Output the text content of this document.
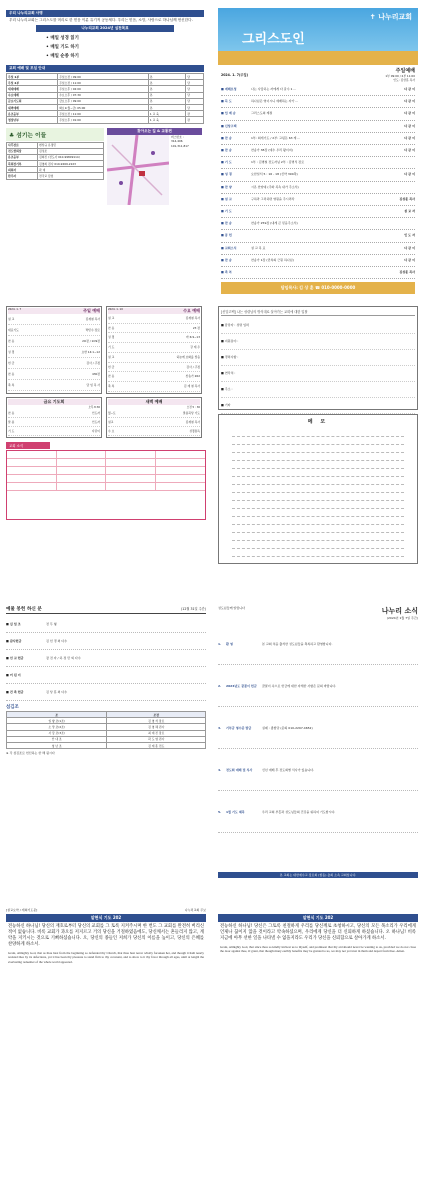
우리 나누리교회 사명
우리 나누리교회는 그리스도를 머리로 한 믿음 이룬 유기적 공동체다. 우리는 믿음, 소망, 사랑으로 하나님께 헌신한다.
나누리교회 2024년 실천목표
• 매일 성경 읽기
• 매일 기도 하기
• 매일 순종 하기
교회 예배 및 모임 안내
주일 1부	주일오전 / 09:00	본	당
주일 2부	주일오전 / 11:00	본	당
대대예배	주일오후 / 02:00	본	당
수요예배	수요오후 / 07:30	본	당
금요기도회	금요오후 / 09:00	본	당
새벽예배	화요1(월~금) 05:00	본	당
유초등부	주일오전 / 11:00	1 교 육	관
청장년부	주일오후 / 01:00	1 교 육	관
♣ 섬기는 이들
사무장로	변상규 유정민
전도협회장	김성조
유초등부	김희진 (전도사 010-99809114)
목회장기부	김영희 권사 010-9269-2223
외회자	곽 대
한주자	전국교 담임
찾아오는 길 & 교통편
버스번호 :
314,406
101,311,817
✝ 나누리교회
그리스도인
2024. 1. 7(주일)
주일예배
1부 09:00 / 2부 11:00
인도: 김상훈 목사
■ 예배로청	나는 사랑하는 자에게 다 갈수 1 ...	다 같 이
■ 묵 도	하나님은 영이시니 예배하는 자가 ...	다 같 이
■ 입 례 송	그리스도의 계절	다 같 이
■ 신앙고백	다 같 이
■ 찬 송	1부: 회개기도 / 2부: 고린돈 63 계 ...	다 같 이
■ 찬 송	찬송가 38장 (예수 우리 왕이여)	다 같 이
■ 기 도	1부 : 김병철 전도자님 2부 : 김병식 장로
■ 성 경	요한일서 5 : 16 - 18 (신약 390쪽)	다 같 이
■ 찬 양	시온 찬양대 (주와 족속 내가 주소서)
■ 설 교	구하라 그리하면 영원을 주시리라	김상훈 목사
■ 기 도	설 교 자
■ 찬 송	찬송가 259장 (내게 큰 믿음주소서)
■ 봉 헌	인 도 자
■ 교회소식	설 교 목 표	다 같 이
■ 찬 송	찬송가 1장 (만복의 근원 하나님)	다 같 이
■ 축 복	김상훈 목사
담임목사: 김 상 훈 ☎ 010-0000-0000
2024. 1. 7	주일 예배
설 교	김재철 목사
대표기도	박민수 장로
찬 송	2O장 / 1O9장
성 경	요한 14:1~12
헌 금	감사 / 주정
찬 송	430장
축 복	담 임 목 사
2024. 1. 10	수요 예배
설 교	김재철 목사
찬 송	23 장
성 경	마 6:9~13
기 도	강 재 우
설 교	하늘에 보화를 쌓음
헌 금	감사 / 주정
찬 송	찬송가 262
축 복	김 재 철 목사
금요 기도회
오후 8:30
찬 송	인도자
말 씀	인도자
기 도	다같이
새벽 예배
오전 5 : 30
월~토	말씀묵상 기도
설교	김재철 목사
수 요	성경통독
교회 소식
[신앙고백] 나는 성령님의 방식대로 살아가는 교회에 대한 입찰
■ 담당자 : 성명 입력
■ 지원분야 :
■ 경력사항 :
■ 연락처 :
■ 주소 :
■ 기타
메 모
예물 봉헌 하신 분	(12월 31일 주간)
■ 십 일 조	전 무 형
■ 감사헌금	김 선 경 외 다수
■ 선 교 헌금	장 전 자 / 하 정 만 외 다수
■ 어 린 이
■ 건 축 헌금	김 상 훈 외 다수
섬김조
조	조장
일 향 조(1조)	김 영 석 장로
소 망 조(2조)	김 영 혜 권사
사 랑 조(3조)	최 예 진 장로
안 내 조	곽 도 영 권사
청 년 조	김 재 훈 전도
※ 각 섬김조로 헌신하는 한 해 됩시다
성도님들께 알립니다	나누리 소식
(2024년 1월 7일 주간)
1.	환 영	본 교회 처음 출석한 성도님들을 축복하고 환영합니다.
2.	2024년도 꿈꿀이 헌금	꿈꿀이 속으로 헌금에 대한 자세한 사항은 문의 바랍니다.
3.	기부금 영수증 발급	실제 : 종합당 (문의 010-2297-4652)
4.	전도회 예배 및 식사	신년 예배 후 전도회별 식사가 있습니다.
5.	1월 기도 제목	우리 교회 부흥과 성도님들의 건강을 위하여 기도합시다.
본 교회는 대한예수교 장로회 (합동) 총회 소속 교회입니다.
[설교요약 / 개회기도문]	나누리교회 주보
알현식 기도 202
전능하신 하나님! 당신의 재호로부터 당신의 교회를 그 토록 지켜주시며 한 번도 그 교회를 완전히 버리신 적이 없습니다. 비록 교회가 과오를 저지르고 거의 당신을 거절하였음에도, 당신께서는 흔들리지 않고, 계약을 지키시는 것으로 기뻐하셨습니다. 오, 당신의 종들인 저희가 당신의 이름을 높이고, 당신의 은혜를 찬양하게 하소서.
Grant, Almighty God, that as thou hast from the beginning so defended thy Church, that thou hast never wholly forsaken her, and though it hath nearly resisted thee by its defections, yet it has been thy pleasure to stand firm to thy covenant, and to show to it thy favor through all ages, until at length the everlasting redeemer of the whole world appeared.
알현식 기도 202
전능하신 하나님! 당신은 그토록 친절하게 우리를 당신께로 초청하시고, 당신의 모든 목소리가 우리에게 언제나 끊이지 않을 것이라고 약속하셨으며, 우리에게 당신을 더 신뢰하게 하셨습니다. 오 하나님! 비록 지금에 아무 선한 일을 나타낼 수 없을지라도 우리가 당신을 신뢰함으로 살아가게 하소서.
Grant, Almighty God, that since thou so kindly invitest us to thyself, and promisest that thy aid should never be wanting to us, provided we do not close the door against thee, O grant, that though many earthly benefits may be granted to us, we may not yet trust in them and depart from thee. Amen.
